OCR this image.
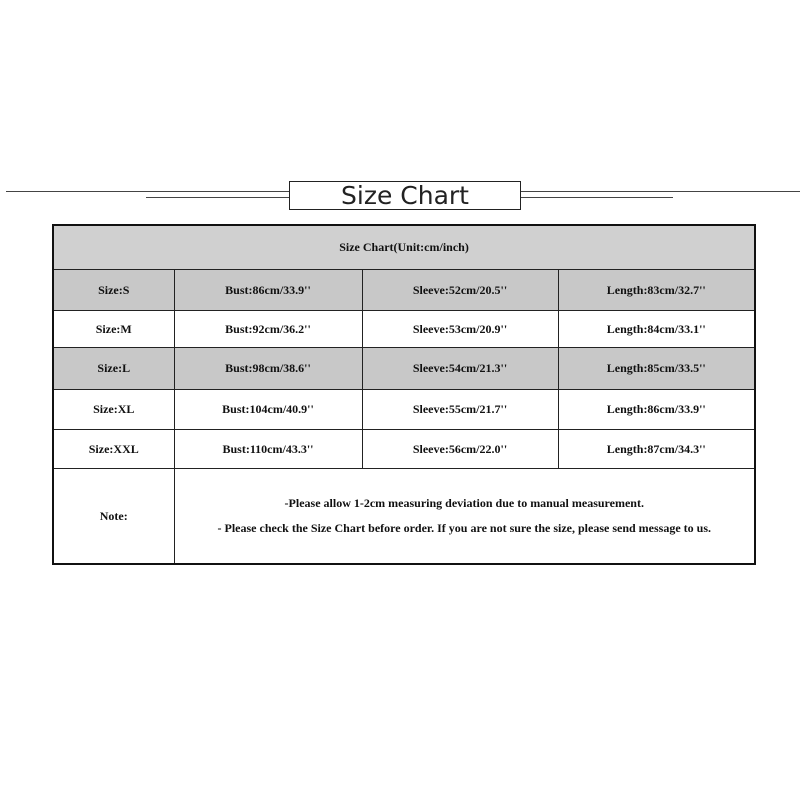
Size Chart
Size Chart(Unit:cm/inch)			
Size:S	Bust:86cm/33.9''	Sleeve:52cm/20.5''	Length:83cm/32.7''
Size:M	Bust:92cm/36.2''	Sleeve:53cm/20.9''	Length:84cm/33.1''
Size:L	Bust:98cm/38.6''	Sleeve:54cm/21.3''	Length:85cm/33.5''
Size:XL	Bust:104cm/40.9''	Sleeve:55cm/21.7''	Length:86cm/33.9''
Size:XXL	Bust:110cm/43.3''	Sleeve:56cm/22.0''	Length:87cm/34.3''
Note:	-Please allow 1-2cm measuring deviation due to manual measurement.
- Please check the Size Chart before order. If you are not sure the size, please send message to us.		
